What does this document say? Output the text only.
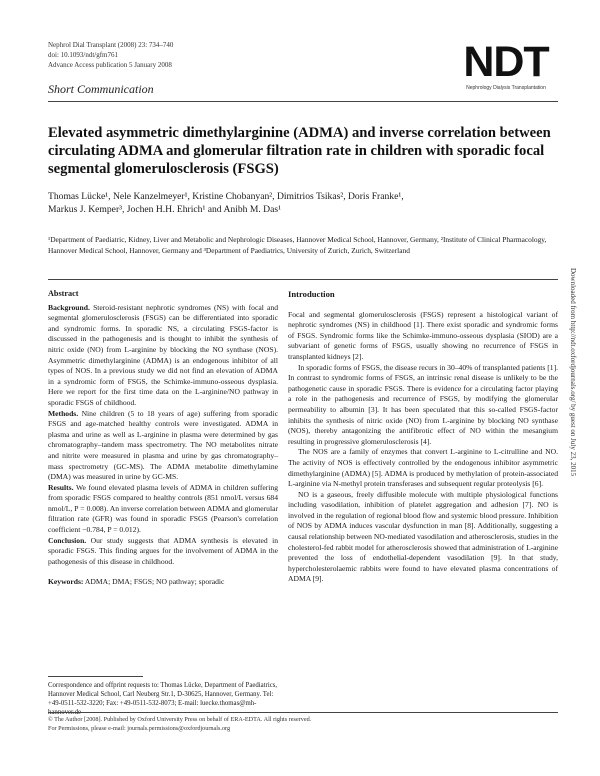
Nephrol Dial Transplant (2008) 23: 734–740
doi: 10.1093/ndt/gfm761
Advance Access publication 5 January 2008	NDT
Nephrology Dialysis Transplantation
Short Communication
Elevated asymmetric dimethylarginine (ADMA) and inverse correlation between circulating ADMA and glomerular filtration rate in children with sporadic focal segmental glomerulosclerosis (FSGS)
Thomas Lücke¹, Nele Kanzelmeyer¹, Kristine Chobanyan², Dimitrios Tsikas², Doris Franke¹,
Markus J. Kemper³, Jochen H.H. Ehrich¹ and Anibh M. Das¹
¹Department of Paediatric, Kidney, Liver and Metabolic and Nephrologic Diseases, Hannover Medical School, Hannover, Germany, ²Institute of Clinical Pharmacology, Hannover Medical School, Hannover, Germany and ³Department of Paediatrics, University of Zurich, Zurich, Switzerland
Abstract

Background. Steroid-resistant nephrotic syndromes (NS) with focal and segmental glomerulosclerosis (FSGS) can be differentiated into sporadic and syndromic forms. In sporadic NS, a circulating FSGS-factor is discussed in the pathogenesis and is thought to inhibit the synthesis of nitric oxide (NO) from L-arginine by blocking the NO synthase (NOS). Asymmetric dimethylarginine (ADMA) is an endogenous inhibitor of all types of NOS. In a previous study we did not find an elevation of ADMA in a syndromic form of FSGS, the Schimke-immuno-osseous dysplasia. Here we report for the first time data on the L-arginine/NO pathway in sporadic FSGS of childhood.

Methods. Nine children (5 to 18 years of age) suffering from sporadic FSGS and age-matched healthy controls were investigated. ADMA in plasma and urine as well as L-arginine in plasma were determined by gas chromatography–tandem mass spectrometry. The NO metabolites nitrate and nitrite were measured in plasma and urine by gas chromatography–mass spectrometry (GC-MS). The ADMA metabolite dimethylamine (DMA) was measured in urine by GC-MS.

Results. We found elevated plasma levels of ADMA in children suffering from sporadic FSGS compared to healthy controls (851 nmol/L versus 684 nmol/L, P = 0.008). An inverse correlation between ADMA and glomerular filtration rate (GFR) was found in sporadic FSGS (Pearson's correlation coefficient −0.784, P = 0.012).

Conclusion. Our study suggests that ADMA synthesis is elevated in sporadic FSGS. This finding argues for the involvement of ADMA in the pathogenesis of this disease in childhood.

Keywords: ADMA; DMA; FSGS; NO pathway; sporadic

Correspondence and offprint requests to: Thomas Lücke, Department of Paediatrics, Hannover Medical School, Carl Neuberg Str.1, D-30625, Hannover, Germany. Tel: +49-0511-532-3220; Fax: +49-0511-532-8073; E-mail: luecke.thomas@mh-
Introduction

Focal and segmental glomerulosclerosis (FSGS) represent a histological variant of nephrotic syndromes (NS) in childhood [1]. There exist sporadic and syndromic forms of FSGS. Syndromic forms like the Schimke-immuno-osseous dysplasia (SIOD) are a subvariant of genetic forms of FSGS, usually showing no recurrence of FSGS in transplanted kidneys [2].

In sporadic forms of FSGS, the disease recurs in 30–40% of transplanted patients [1]. In contrast to syndromic forms of FSGS, an intrinsic renal disease is unlikely to be the pathogenetic cause in sporadic FSGS. There is evidence for a circulating factor playing a role in the pathogenesis and recurrence of FSGS, by modifying the glomerular permeability to albumin [3]. It has been speculated that this so-called FSGS-factor inhibits the synthesis of nitric oxide (NO) from L-arginine by blocking NO synthase (NOS), thereby antagonizing the antifibrotic effect of NO within the mesangium resulting in progressive glomerulosclerosis [4].

The NOS are a family of enzymes that convert L-arginine to L-citrulline and NO. The activity of NOS is effectively controlled by the endogenous inhibitor asymmetric dimethylarginine (ADMA) [5]. ADMA is produced by methylation of protein-associated L-arginine via N-methyl protein transferases and subsequent regular proteolysis [6].

NO is a gaseous, freely diffusible molecule with multiple physiological functions including vasodilation, inhibition of platelet aggregation and adhesion [7]. NO is involved in the regulation of regional blood flow and systemic blood pressure. Inhibition of NOS by ADMA induces vascular dysfunction in man [8]. Additionally, suggesting a causal relationship between NO-mediated vasodilation and atherosclerosis, studies in the cholesterol-fed rabbit model for atherosclerosis showed that administration of L-arginine prevented the loss of endothelial-dependent vasodilation [9]. In that study, hypercholesterolaemic rabbits were found to have elevated plasma concentrations of ADMA [9].

© The Author [2008]. Published by Oxford University Press on behalf of ERA-EDTA. All rights reserved.
For Permissions, please e-mail: journals.permissions@oxfordjournals.org
Downloaded from http://ndt.oxfordjournals.org/ by guest on July 23, 2015
